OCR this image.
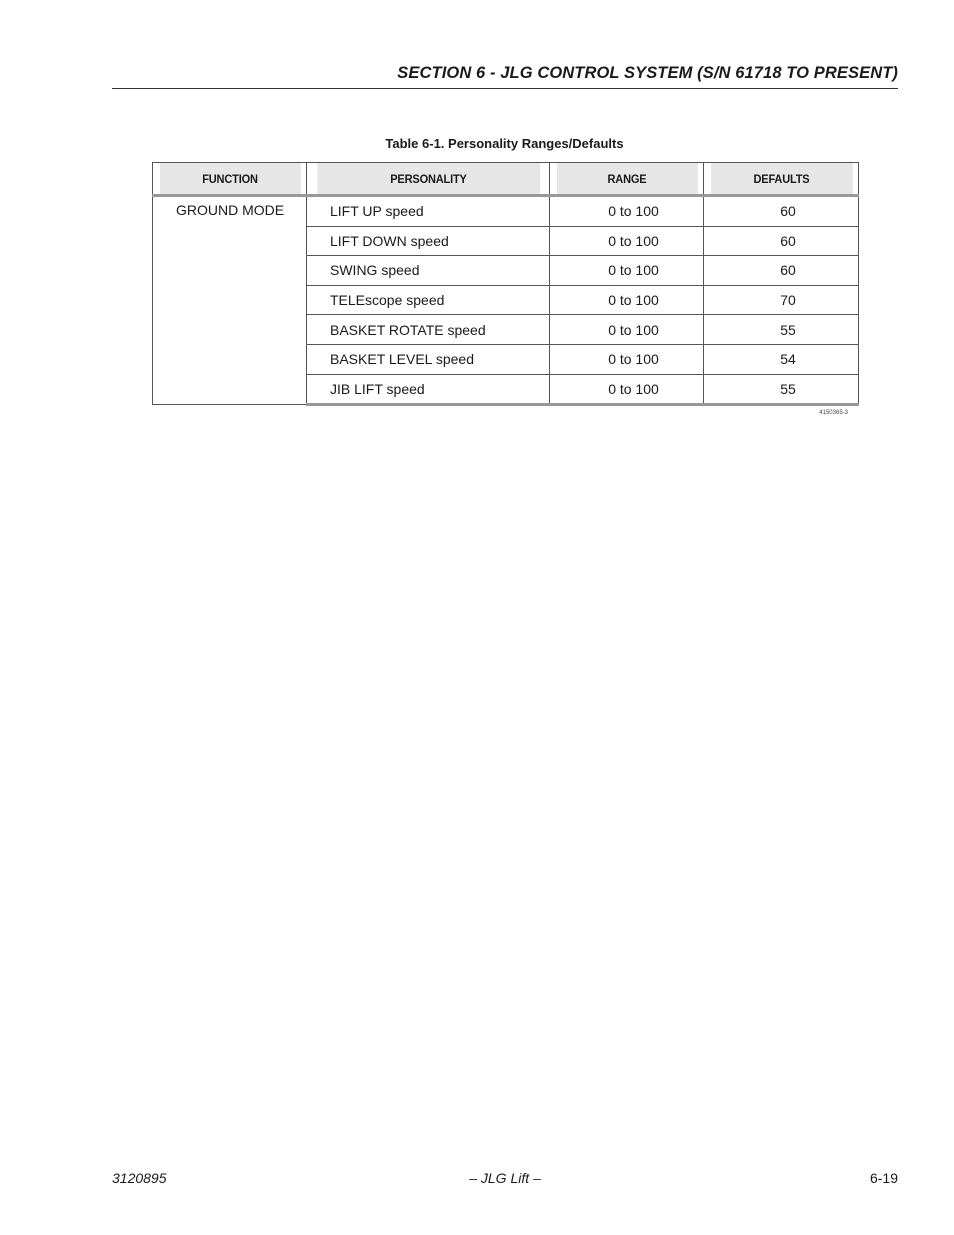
SECTION 6 - JLG CONTROL SYSTEM (S/N 61718 TO PRESENT)
Table 6-1. Personality Ranges/Defaults
FUNCTION	PERSONALITY	RANGE	DEFAULTS
GROUND MODE	LIFT UP speed	0 to 100	60
	LIFT DOWN speed	0 to 100	60
	SWING speed	0 to 100	60
	TELEscope speed	0 to 100	70
	BASKET ROTATE speed	0 to 100	55
	BASKET LEVEL speed	0 to 100	54
	JIB LIFT speed	0 to 100	55
4150365-3
3120895	– JLG Lift –	6-19
